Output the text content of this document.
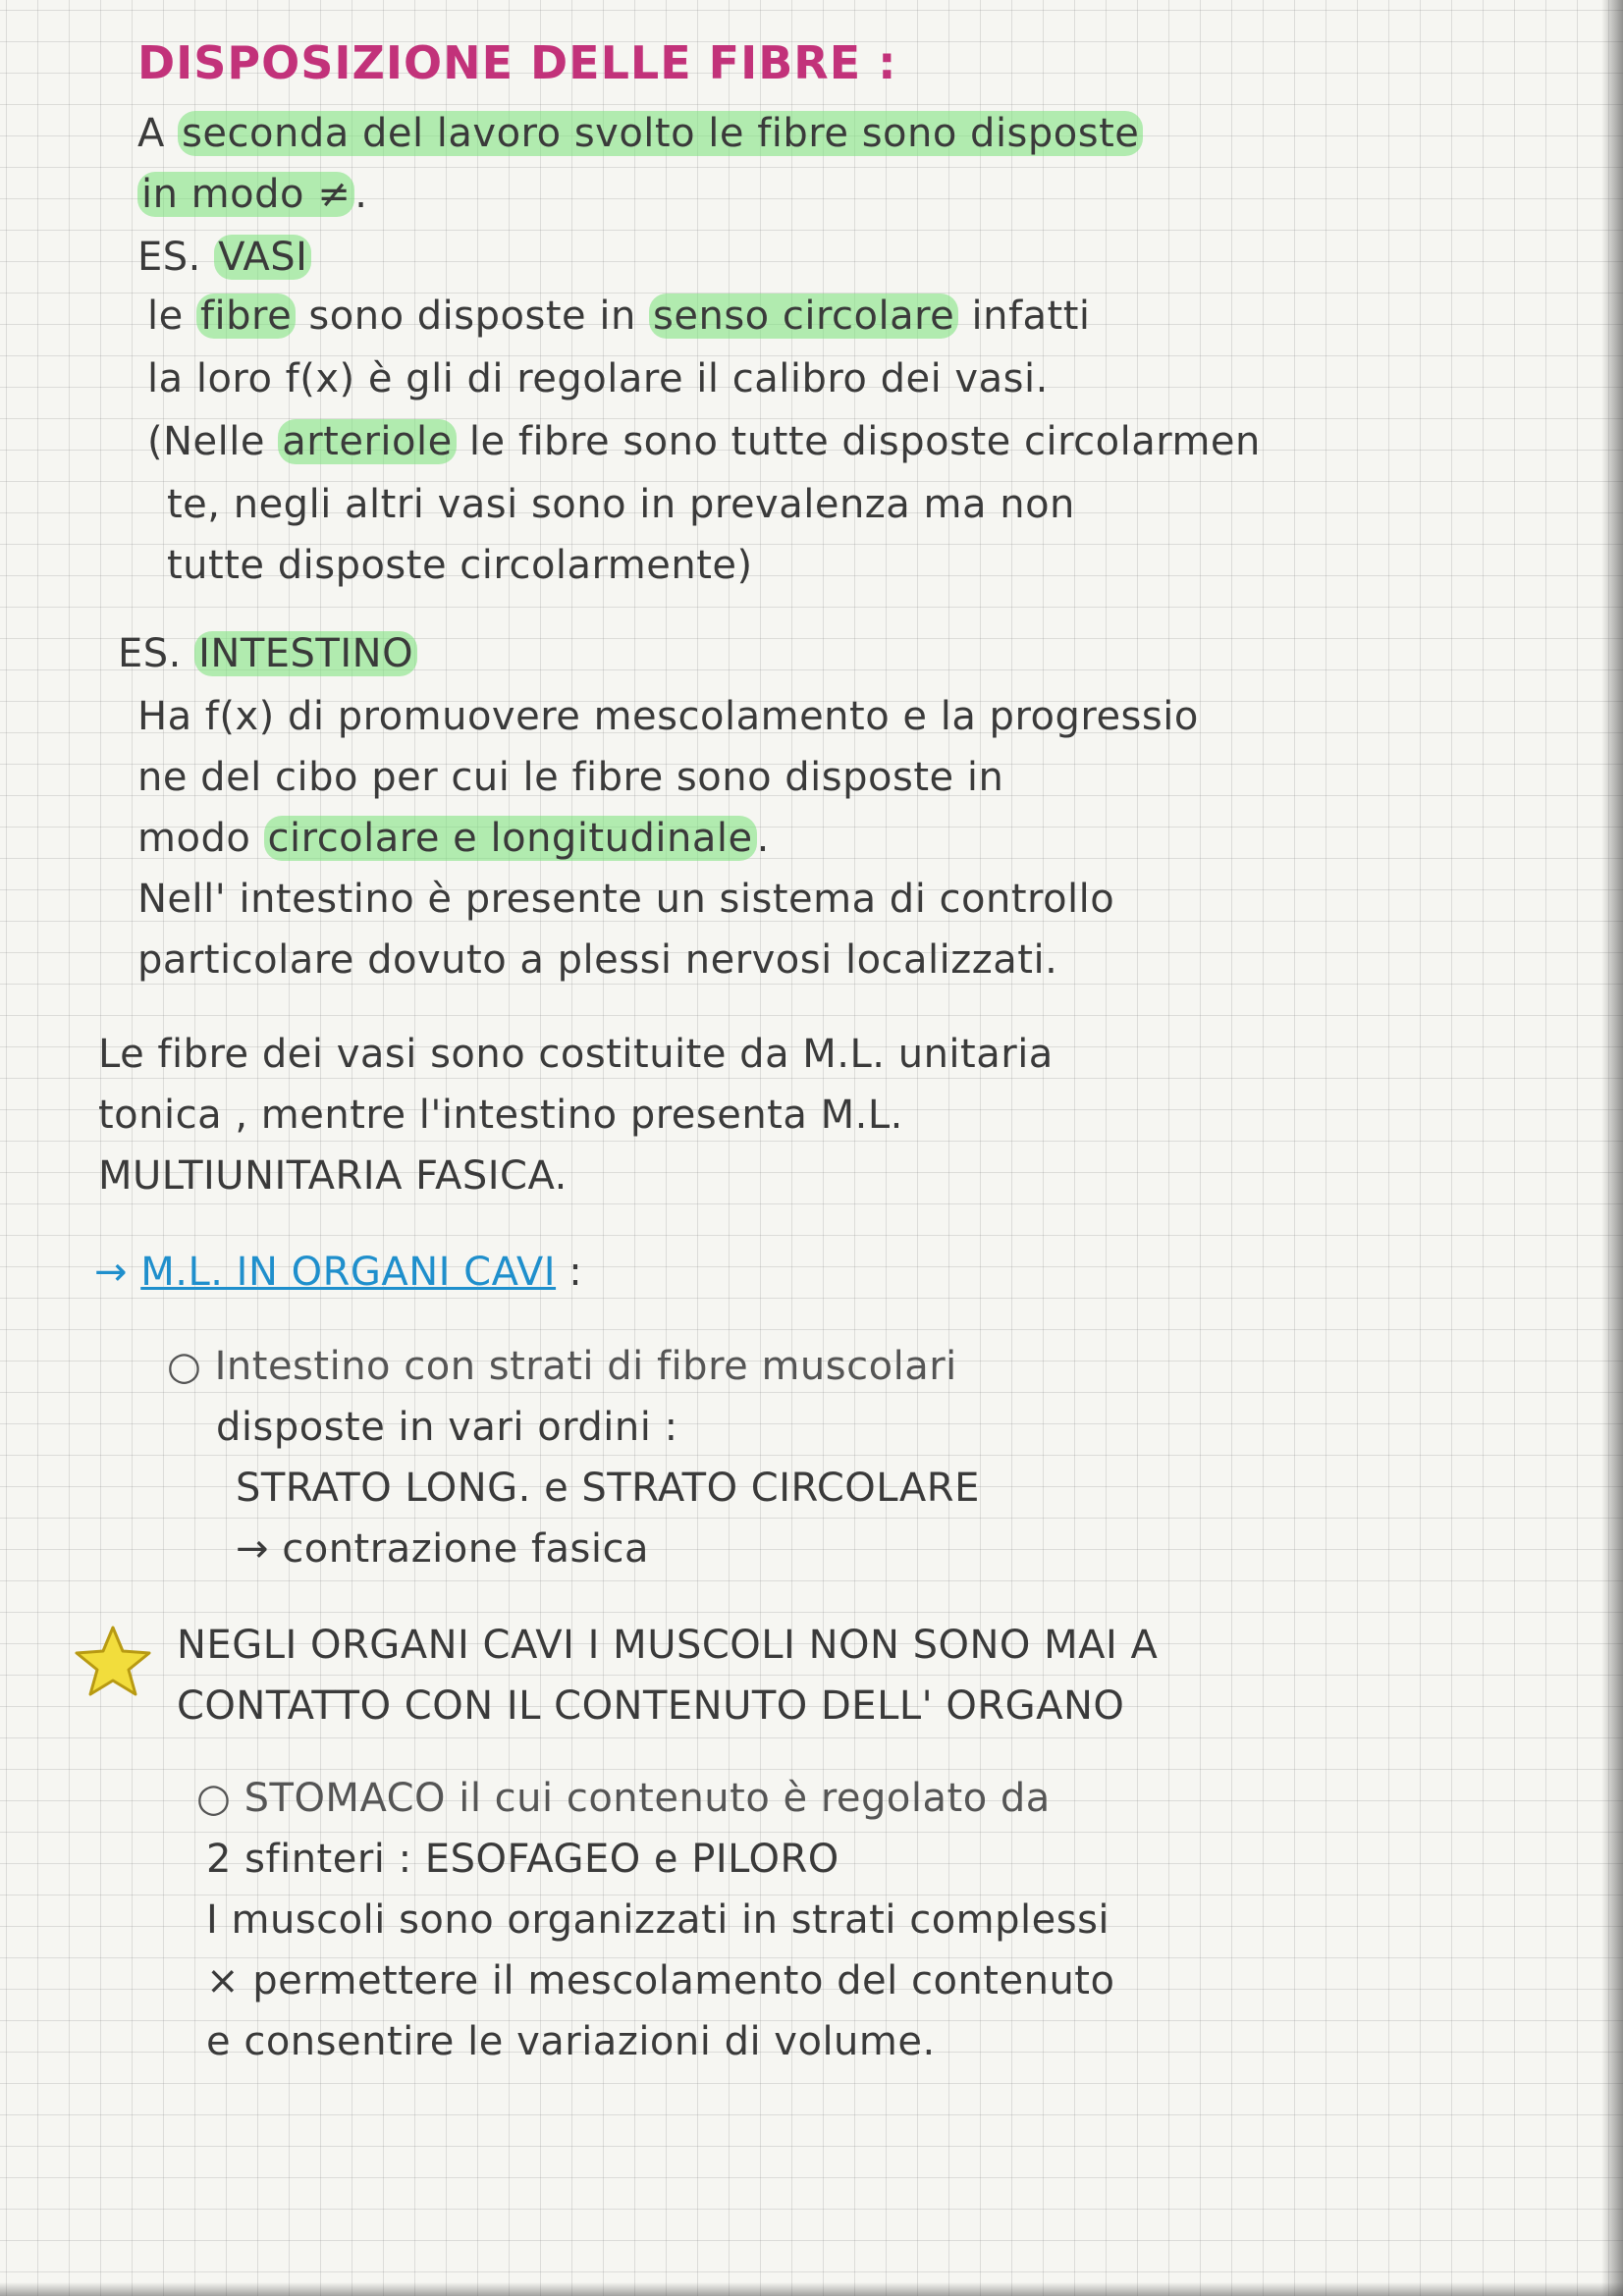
DISPOSIZIONE DELLE FIBRE :

A seconda del lavoro svolto le fibre sono disposte

in modo ≠ .

ES. VASI

le fibre sono disposte in senso circolare infatti

la loro f(x) è gli di regolare il calibro dei vasi.

(Nelle arteriole le fibre sono tutte disposte circolarmen

te, negli altri vasi sono in prevalenza ma non

tutte disposte circolarmente)

ES. INTESTINO

Ha f(x) di promuovere mescolamento e la progressio

ne del cibo per cui le fibre sono disposte in

modo circolare e longitudinale .

Nell' intestino è presente un sistema di controllo

particolare dovuto a plessi nervosi localizzati.

Le fibre dei vasi sono costituite da M.L. unitaria

tonica , mentre l'intestino presenta M.L.

MULTIUNITARIA FASICA.

→ M.L. IN ORGANI CAVI :

○ Intestino con strati di fibre muscolari

disposte in vari ordini :

STRATO LONG. e STRATO CIRCOLARE

→ contrazione fasica

NEGLI ORGANI CAVI I MUSCOLI NON SONO MAI A

CONTATTO CON IL CONTENUTO DELL' ORGANO

○ STOMACO il cui contenuto è regolato da

2 sfinteri : ESOFAGEO e PILORO

I muscoli sono organizzati in strati complessi

× permettere il mescolamento del contenuto

e consentire le variazioni di volume.
